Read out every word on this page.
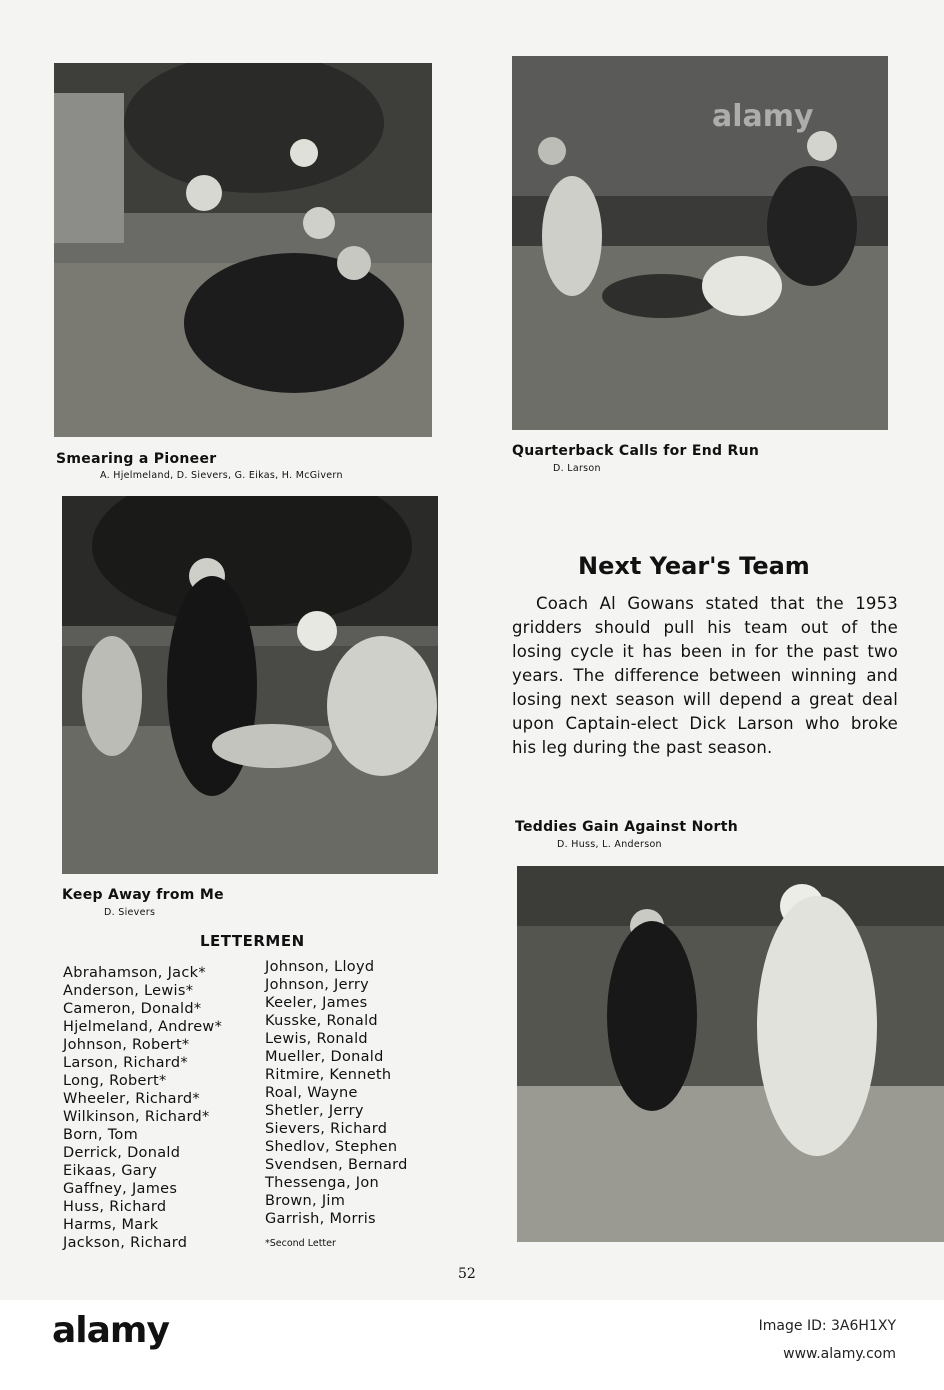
Smearing a Pioneer
A. Hjelmeland, D. Sievers, G. Eikas, H. McGivern
alamy
Quarterback Calls for End Run
D. Larson
Keep Away from Me
D. Sievers
Teddies Gain Against North
D. Huss, L. Anderson
Next Year's Team
Coach Al Gowans stated that the 1953 gridders should pull his team out of the losing cycle it has been in for the past two years. The difference between winning and losing next season will depend a great deal upon Captain-elect Dick Larson who broke his leg during the past season.
LETTERMEN
Abrahamson, Jack*
Anderson, Lewis*
Cameron, Donald*
Hjelmeland, Andrew*
Johnson, Robert*
Larson, Richard*
Long, Robert*
Wheeler, Richard*
Wilkinson, Richard*
Born, Tom
Derrick, Donald
Eikaas, Gary
Gaffney, James
Huss, Richard
Harms, Mark
Jackson, Richard
Johnson, Lloyd
Johnson, Jerry
Keeler, James
Kusske, Ronald
Lewis, Ronald
Mueller, Donald
Ritmire, Kenneth
Roal, Wayne
Shetler, Jerry
Sievers, Richard
Shedlov, Stephen
Svendsen, Bernard
Thessenga, Jon
Brown, Jim
Garrish, Morris
*Second Letter
52
alamy	Image ID: 3A6H1XY
www.alamy.com
